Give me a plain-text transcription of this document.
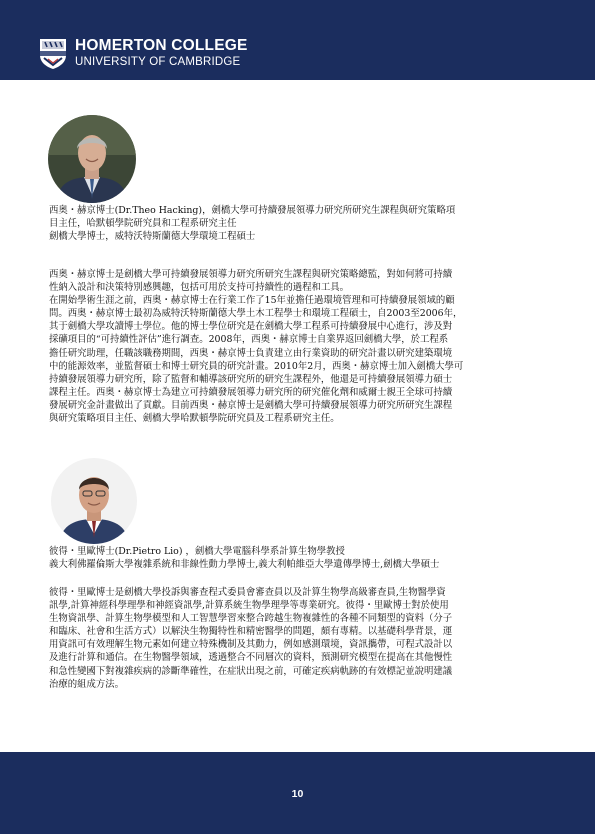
HOMERTON COLLEGE
UNIVERSITY OF CAMBRIDGE
西奥・赫京博士(Dr.Theo Hacking)，劍橋大學可持續發展領導力研究所研究生課程與研究策略項
目主任，哈默頓學院研究員和工程系研究主任
劍橋大學博士，威特沃特斯蘭德大學環境工程碩士
西奥・赫京博士是劍橋大學可持續發展領導力研究所研究生課程與研究策略總監，對如何將可持續
性納入設計和決策特別感興趣，包括可用於支持可持續性的過程和工具。
在開始學術生涯之前，西奥・赫京博士在行業工作了15年並擔任過環境管理和可持續發展領域的顧
問。西奥・赫京博士最初為威特沃特斯蘭德大學土木工程學士和環境工程碩士，自2003至2006年，
其于劍橋大學攻讀博士學位。他的博士學位研究是在劍橋大學工程系可持續發展中心進行，涉及對
採礦項目的“可持續性評估”進行調查。2008年，西奥・赫京博士自業界返回劍橋大學，於工程系
擔任研究助理，任職該職務期間，西奥・赫京博士負責建立由行業資助的研究計畫以研究建築環境
中的能源效率，並監督碩士和博士研究員的研究計畫。2010年2月，西奥・赫京博士加入劍橋大學可
持續發展領導力研究所，除了監督和輔導該研究所的研究生課程外，他還是可持續發展領導力碩士
課程主任。西奥・赫京博士為建立可持續發展領導力研究所的研究催化劑和威爾士親王全球可持續
發展研究金計畫做出了貢獻。目前西奥・赫京博士是劍橋大學可持續發展領導力研究所研究生課程
與研究策略項目主任、劍橋大學哈默頓學院研究員及工程系研究主任。
彼得・里歐博士(Dr.Pietro Lio) ，劍橋大學電腦科學系計算生物學教授
義大利佛羅倫斯大學複雜系統和非線性動力學博士,義大利帕維亞大學遺傳學博士,劍橋大學碩士
彼得・里歐博士是劍橋大學投訴與審查程式委員會審查員以及計算生物學高級審查員,生物醫學資
訊學,計算神經科學理學和神經資訊學,計算系統生物學理學等專業研究。彼得・里歐博士對於使用
生物資訊學、計算生物學模型和人工智慧學習來整合跨越生物複雜性的各種不同類型的資料（分子
和臨床、社會和生活方式）以解決生物獨特性和精密醫學的問題，頗有專精。以基礎科學背景，運
用資訊可有效理解生物元素如何建立特殊機制及其動力，例如感測環境，資訊攜帶，可程式設計以
及進行計算和通信。在生物醫學領域，透過整合不同層次的資料，預測研究模型在提高在其他慢性
和急性變國下對複雜疾病的診斷準確性，在症狀出現之前，可確定疾病軌跡的有效標記並說明建議
治療的組成方法。
10
